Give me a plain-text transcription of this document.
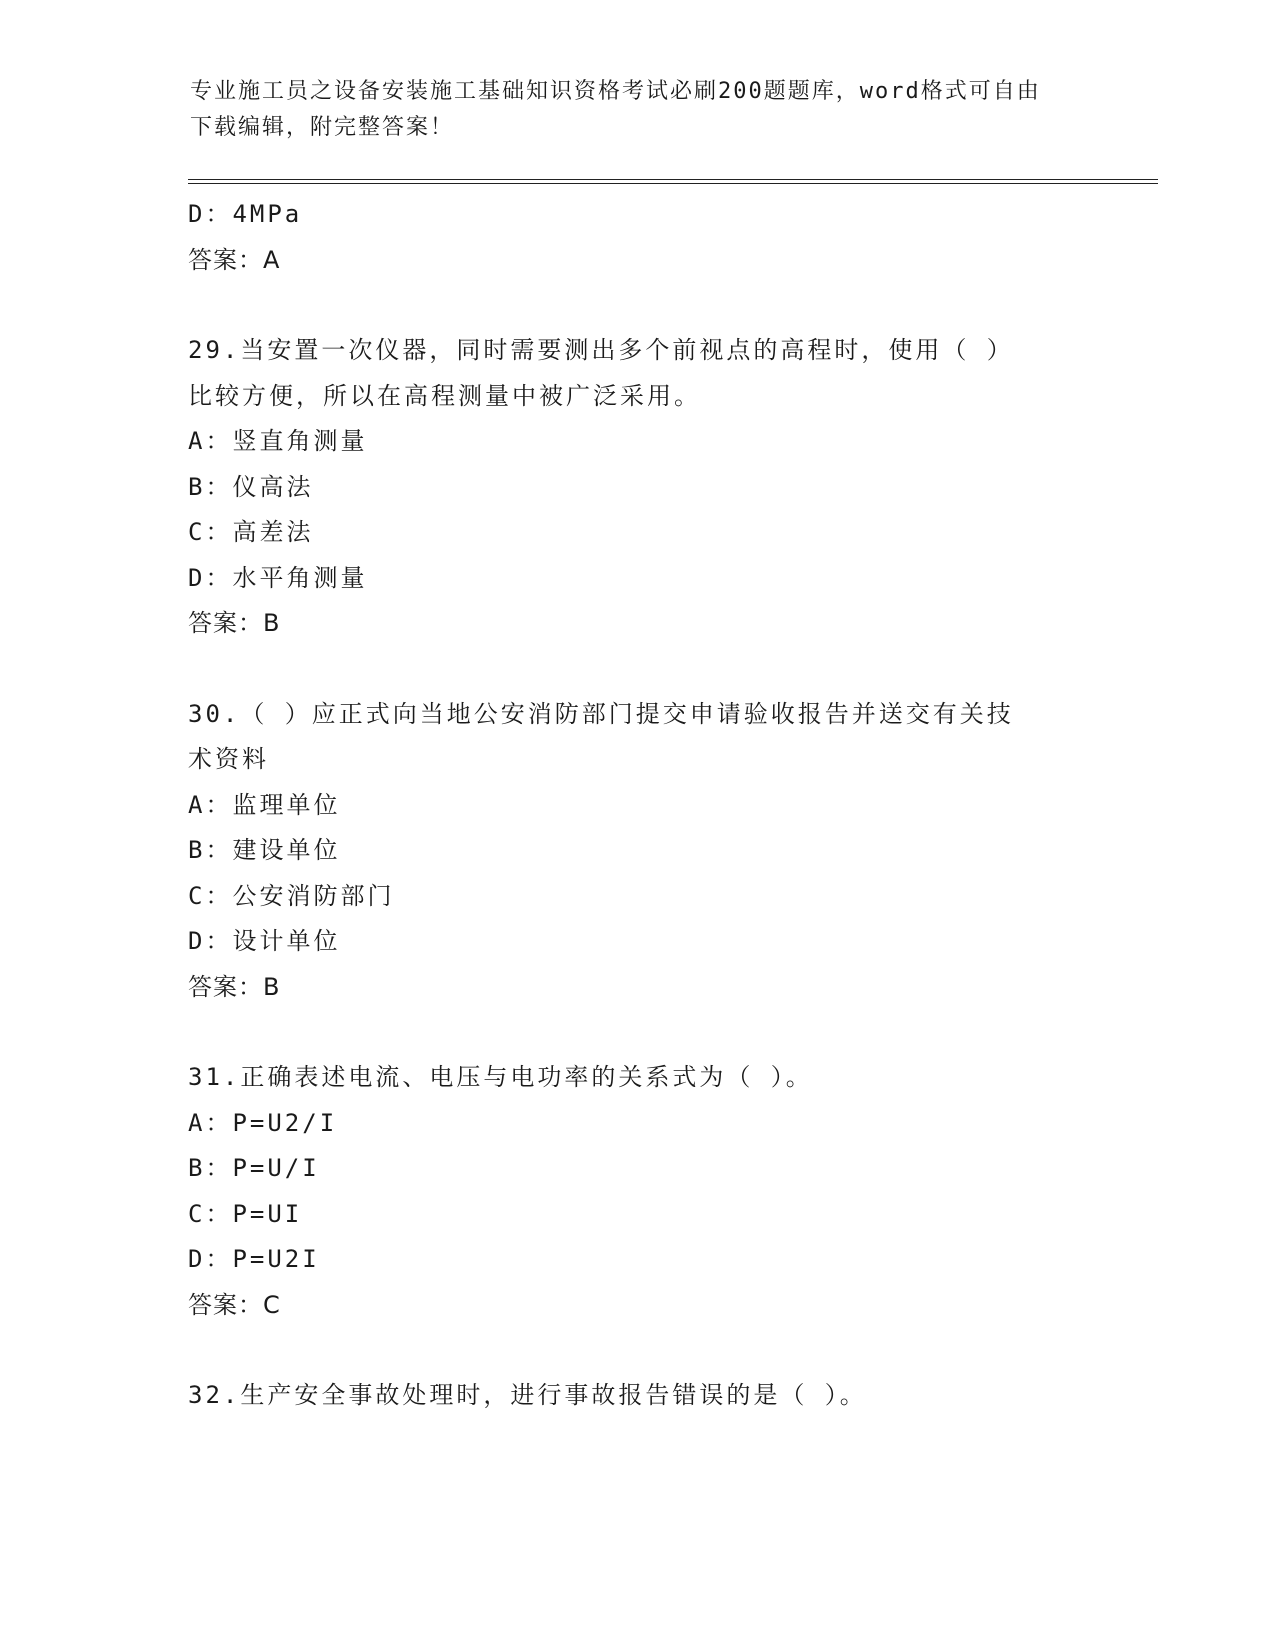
专业施工员之设备安装施工基础知识资格考试必刷200题题库，word格式可自由
下载编辑，附完整答案！
D：4MPa
答案：A
29.当安置一次仪器，同时需要测出多个前视点的高程时，使用（ ）
比较方便，所以在高程测量中被广泛采用。
A：竖直角测量
B：仪高法
C：高差法
D：水平角测量
答案：B
30.（ ）应正式向当地公安消防部门提交申请验收报告并送交有关技
术资料
A：监理单位
B：建设单位
C：公安消防部门
D：设计单位
答案：B
31.正确表述电流、电压与电功率的关系式为（ ）。
A：P=U2/I
B：P=U/I
C：P=UI
D：P=U2I
答案：C
32.生产安全事故处理时，进行事故报告错误的是（ ）。
